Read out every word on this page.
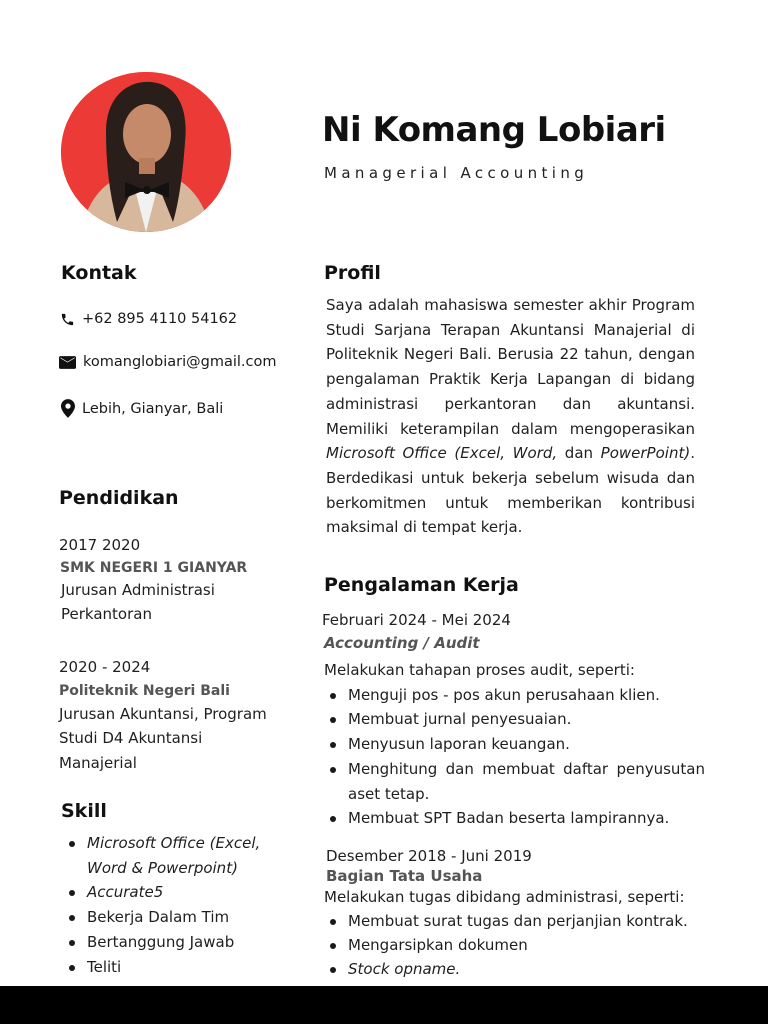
Ni Komang Lobiari
Managerial Accounting
Kontak
+62 895 4110 54162
komanglobiari@gmail.com
Lebih, Gianyar, Bali
Pendidikan
2017 2020
SMK NEGERI 1 GIANYAR
Jurusan Administrasi
Perkantoran
2020 - 2024
Politeknik Negeri Bali
Jurusan Akuntansi, Program
Studi D4 Akuntansi
Manajerial
Skill
Microsoft Office (Excel, Word & Powerpoint)
Accurate5
Bekerja Dalam Tim
Bertanggung Jawab
Teliti
Profil
Saya adalah mahasiswa semester akhir Program Studi Sarjana Terapan Akuntansi Manajerial di Politeknik Negeri Bali. Berusia 22 tahun, dengan pengalaman Praktik Kerja Lapangan di bidang administrasi perkantoran dan akuntansi. Memiliki keterampilan dalam mengoperasikan Microsoft Office (Excel, Word, dan PowerPoint). Berdedikasi untuk bekerja sebelum wisuda dan berkomitmen untuk memberikan kontribusi maksimal di tempat kerja.
Pengalaman Kerja
Februari 2024 - Mei 2024
Accounting / Audit
Melakukan tahapan proses audit, seperti:
Menguji pos - pos akun perusahaan klien.
Membuat jurnal penyesuaian.
Menyusun laporan keuangan.
Menghitung dan membuat daftar penyusutan aset tetap.
Membuat SPT Badan beserta lampirannya.
Desember 2018 - Juni 2019
Bagian Tata Usaha
Melakukan tugas dibidang administrasi, seperti:
Membuat surat tugas dan perjanjian kontrak.
Mengarsipkan dokumen
Stock opname.
